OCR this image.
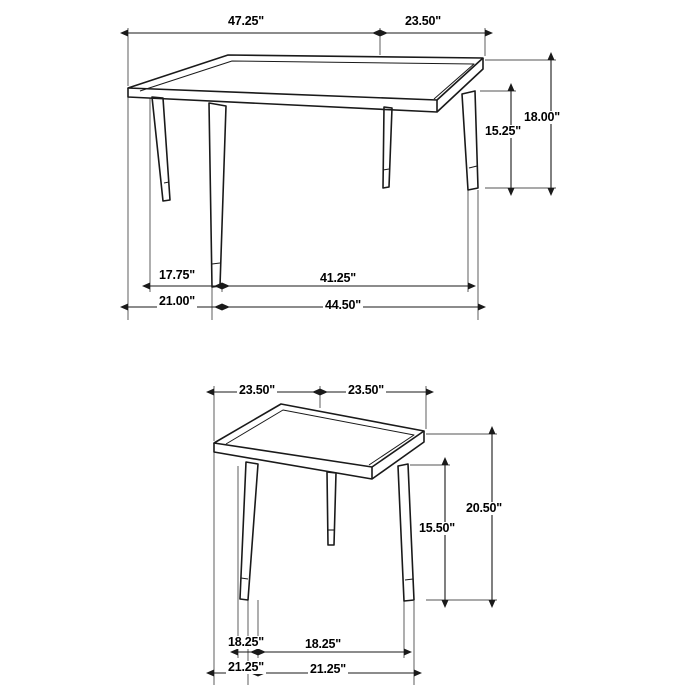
47.25"	23.50"
18.00"
15.25"
17.75"
21.00"
41.25"
44.50"
23.50"	23.50"
20.50"
15.50"
18.25"
21.25"
18.25"
21.25"
